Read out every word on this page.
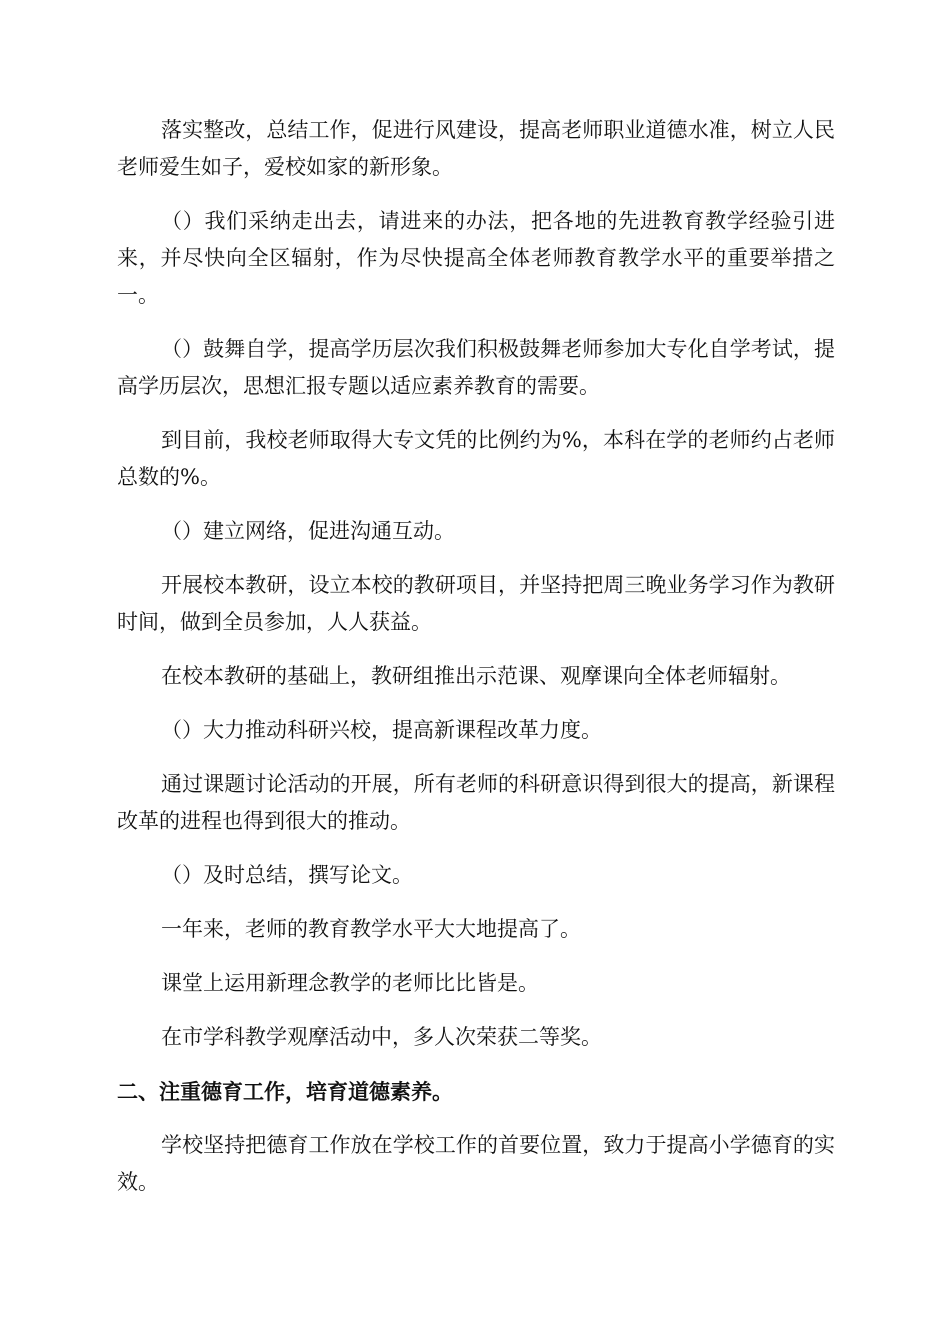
落实整改，总结工作，促进行风建设，提高老师职业道德水准，树立人民老师爱生如子，爱校如家的新形象。

（）我们采纳走出去，请进来的办法，把各地的先进教育教学经验引进来，并尽快向全区辐射，作为尽快提高全体老师教育教学水平的重要举措之一。

（）鼓舞自学，提高学历层次我们积极鼓舞老师参加大专化自学考试，提高学历层次，思想汇报专题以适应素养教育的需要。

到目前，我校老师取得大专文凭的比例约为%，本科在学的老师约占老师总数的%。

（）建立网络，促进沟通互动。

开展校本教研，设立本校的教研项目，并坚持把周三晚业务学习作为教研时间，做到全员参加，人人获益。

在校本教研的基础上，教研组推出示范课、观摩课向全体老师辐射。

（）大力推动科研兴校，提高新课程改革力度。

通过课题讨论活动的开展，所有老师的科研意识得到很大的提高，新课程改革的进程也得到很大的推动。

（）及时总结，撰写论文。

一年来，老师的教育教学水平大大地提高了。

课堂上运用新理念教学的老师比比皆是。

在市学科教学观摩活动中，多人次荣获二等奖。

二、注重德育工作，培育道德素养。

学校坚持把德育工作放在学校工作的首要位置，致力于提高小学德育的实效。
